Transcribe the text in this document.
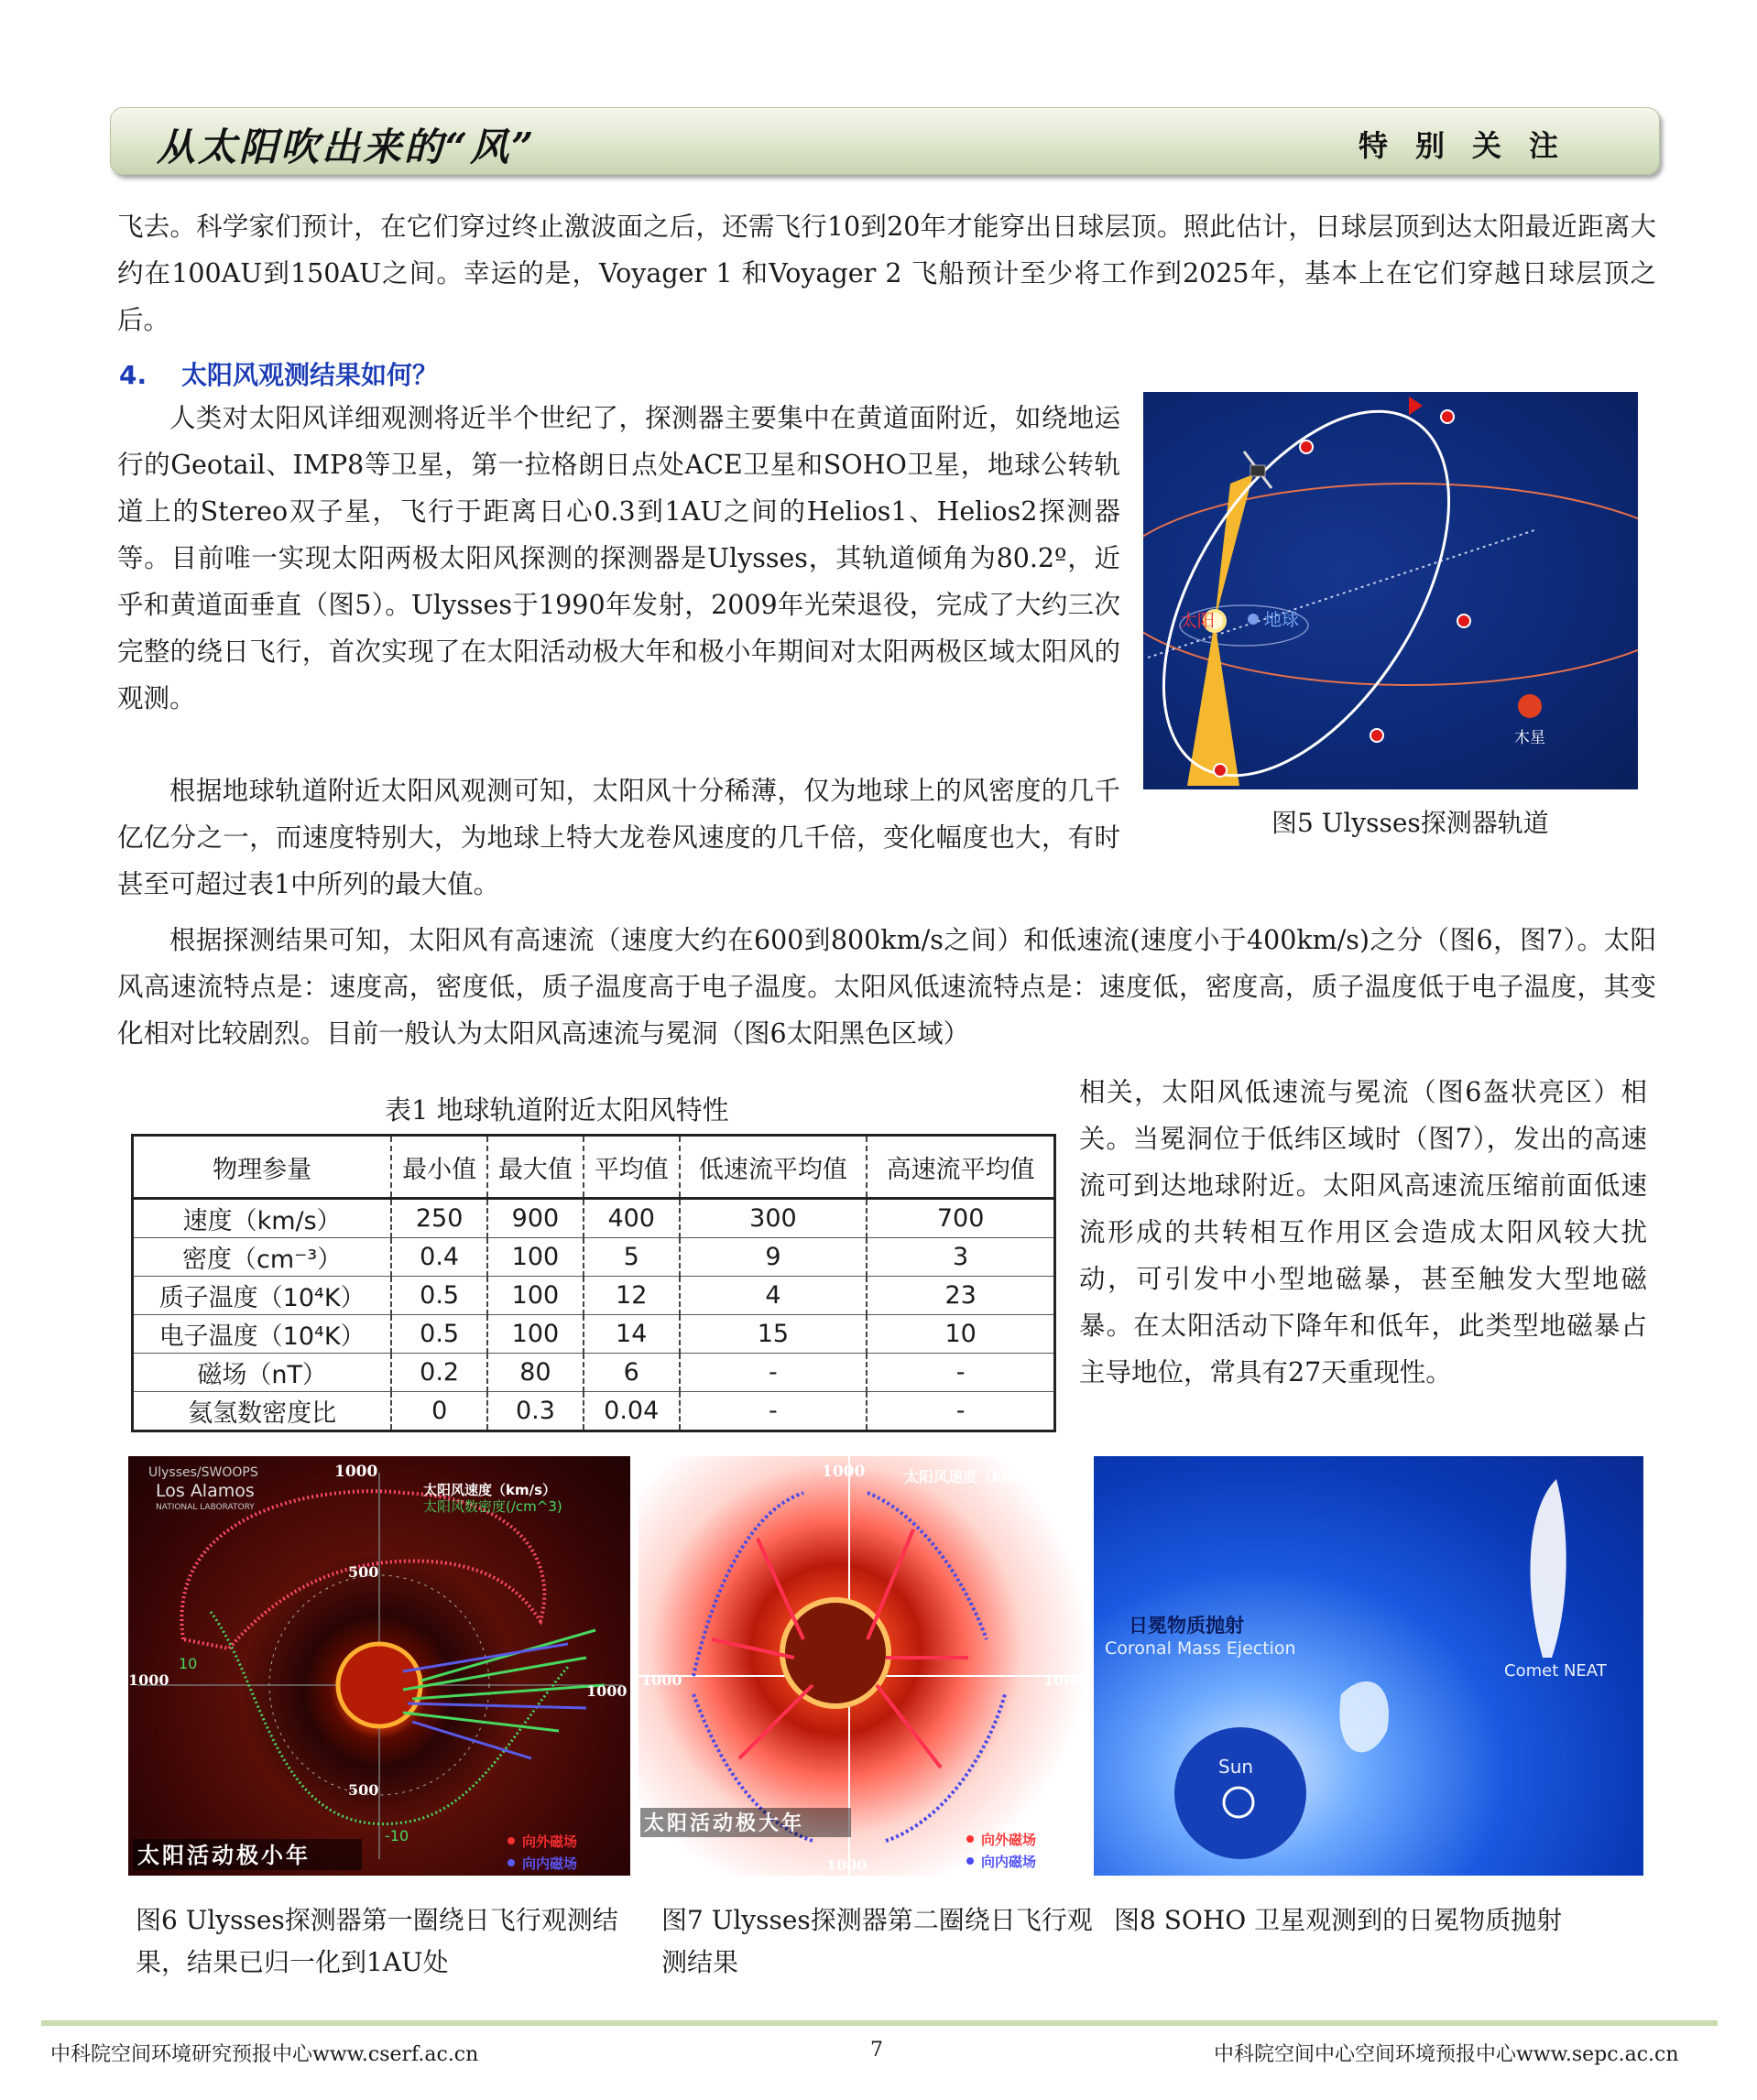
从太阳吹出来的“风”	特别关注

飞去。科学家们预计，在它们穿过终止激波面之后，还需飞行10到20年才能穿出日球层顶。照此估计，日球层顶到达太阳最近距离大约在100AU到150AU之间。幸运的是，Voyager 1 和Voyager 2 飞船预计至少将工作到2025年，基本上在它们穿越日球层顶之后。

4. 太阳风观测结果如何？

人类对太阳风详细观测将近半个世纪了，探测器主要集中在黄道面附近，如绕地运行的Geotail、IMP8等卫星，第一拉格朗日点处ACE卫星和SOHO卫星，地球公转轨道上的Stereo双子星，飞行于距离日心0.3到1AU之间的Helios1、Helios2探测器等。目前唯一实现太阳两极太阳风探测的探测器是Ulysses，其轨道倾角为80.2º，近乎和黄道面垂直（图5）。Ulysses于1990年发射，2009年光荣退役，完成了大约三次完整的绕日飞行，首次实现了在太阳活动极大年和极小年期间对太阳两极区域太阳风的观测。

根据地球轨道附近太阳风观测可知，太阳风十分稀薄，仅为地球上的风密度的几千亿亿分之一，而速度特别大，为地球上特大龙卷风速度的几千倍，变化幅度也大，有时甚至可超过表1中所列的最大值。

根据探测结果可知，太阳风有高速流（速度大约在600到800km/s之间）和低速流(速度小于400km/s)之分（图6，图7）。太阳风高速流特点是：速度高，密度低，质子温度高于电子温度。太阳风低速流特点是：速度低，密度高，质子温度低于电子温度，其变化相对比较剧烈。目前一般认为太阳风高速流与冕洞（图6太阳黑色区域）

相关，太阳风低速流与冕流（图6盔状亮区）相关。当冕洞位于低纬区域时（图7），发出的高速流可到达地球附近。太阳风高速流压缩前面低速流形成的共转相互作用区会造成太阳风较大扰动，可引发中小型地磁暴，甚至触发大型地磁暴。在太阳活动下降年和低年，此类型地磁暴占主导地位，常具有27天重现性。

太阳	地球
木星
图5 Ulysses探测器轨道
表1 地球轨道附近太阳风特性
物理参量	最小值	最大值	平均值	低速流平均值	高速流平均值
速度（km/s）	250	900	400	300	700
密度（cm⁻³）	0.4	100	5	9	3
质子温度（10⁴K）	0.5	100	12	4	23
电子温度（10⁴K）	0.5	100	14	15	10
磁场（nT）	0.2	80	6	-	-
氦氢数密度比	0	0.3	0.04	-	-
Ulysses/SWOOPS
Los Alamos
NATIONAL LABORATORY
1000
500
500
1000
1000
10
-10
太阳风速度（km/s）
太阳风数密度(/cm^3)
太阳活动极小年
向外磁场
向内磁场
图6 Ulysses探测器第一圈绕日飞行观测结果，结果已归一化到1AU处
1000
1000	1000
1000
太阳风速度（km/s）
太阳活动极大年
向外磁场
向内磁场
图7 Ulysses探测器第二圈绕日飞行观测结果
日冕物质抛射
Coronal Mass Ejection
Comet NEAT
Sun
图8 SOHO 卫星观测到的日冕物质抛射
中科院空间环境研究预报中心www.cserf.ac.cn	7	中科院空间中心空间环境预报中心www.sepc.ac.cn
